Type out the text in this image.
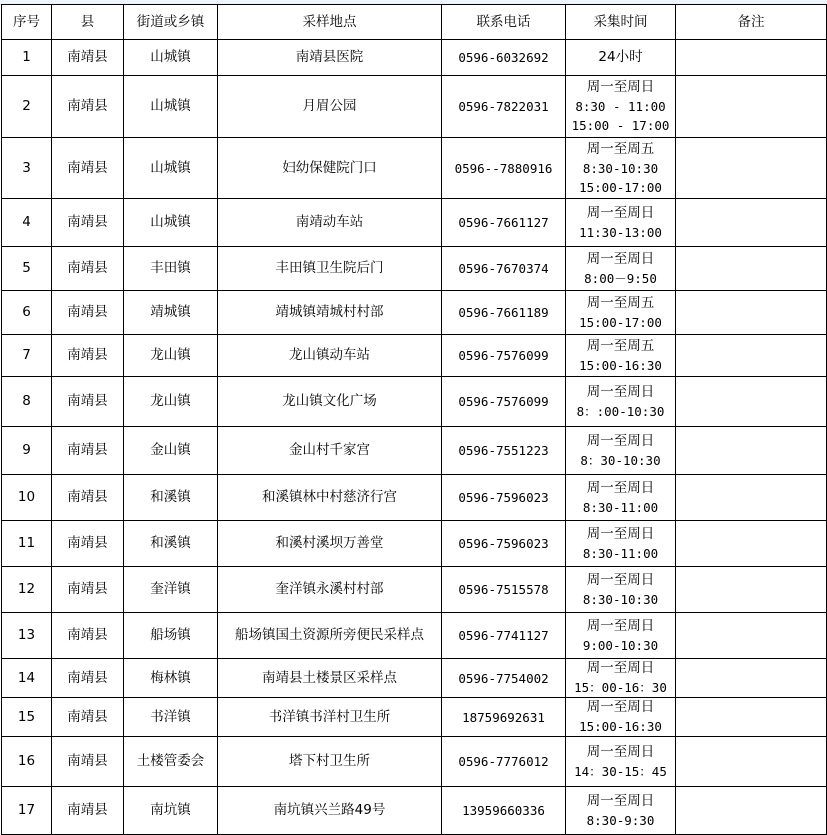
序号	县	街道或乡镇	采样地点	联系电话	采集时间	备注
1	南靖县	山城镇	南靖县医院	0596-6032692	24小时	

2	南靖县	山城镇	月眉公园	0596-7822031	周一至周日
8:30 - 11:00
15:00 - 17:00	

3	南靖县	山城镇	妇幼保健院门口	0596--7880916	周一至周五
8:30-10:30
15:00-17:00	

4	南靖县	山城镇	南靖动车站	0596-7661127	周一至周日
11:30-13:00	

5	南靖县	丰田镇	丰田镇卫生院后门	0596-7670374	周一至周日
8:00－9:50	

6	南靖县	靖城镇	靖城镇靖城村村部	0596-7661189	周一至周五
15:00-17:00	

7	南靖县	龙山镇	龙山镇动车站	0596-7576099	周一至周五
15:00-16:30	

8	南靖县	龙山镇	龙山镇文化广场	0596-7576099	周一至周日
8：:00-10:30	

9	南靖县	金山镇	金山村千家宫	0596-7551223	周一至周日
8：30-10:30	

10	南靖县	和溪镇	和溪镇林中村慈济行宫	0596-7596023	周一至周日
8:30-11:00	

11	南靖县	和溪镇	和溪村溪坝万善堂	0596-7596023	周一至周日
8:30-11:00	

12	南靖县	奎洋镇	奎洋镇永溪村村部	0596-7515578	周一至周日
8:30-10:30	

13	南靖县	船场镇	船场镇国土资源所旁便民采样点	0596-7741127	周一至周日
9:00-10:30	

14	南靖县	梅林镇	南靖县土楼景区采样点	0596-7754002	周一至周日
15：00-16：30	

15	南靖县	书洋镇	书洋镇书洋村卫生所	18759692631	周一至周日
15:00-16:30	

16	南靖县	土楼管委会	塔下村卫生所	0596-7776012	周一至周日
14：30-15：45	

17	南靖县	南坑镇	南坑镇兴兰路49号	13959660336	周一至周日
8:30-9:30	
